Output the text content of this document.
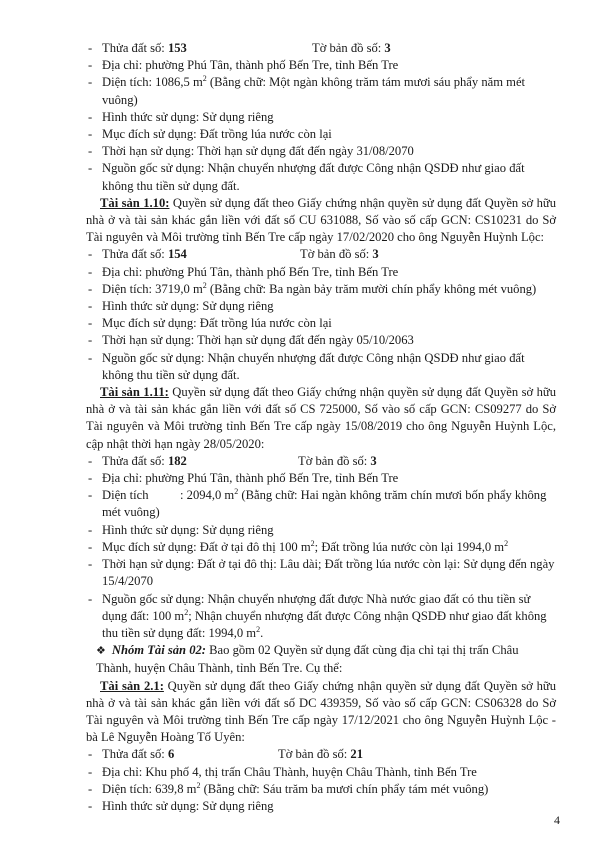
- Thửa đất số: 153	Tờ bản đồ số: 3
- Địa chỉ: phường Phú Tân, thành phố Bến Tre, tỉnh Bến Tre
- Diện tích: 1086,5 $m^2$ (Bằng chữ: Một ngàn không trăm tám mươi sáu phẩy năm mét vuông)
- Hình thức sử dụng: Sử dụng riêng
- Mục đích sử dụng: Đất trồng lúa nước còn lại
- Thời hạn sử dụng: Thời hạn sử dụng đất đến ngày 31/08/2070
- Nguồn gốc sử dụng: Nhận chuyển nhượng đất được Công nhận QSDĐ như giao đất không thu tiền sử dụng đất.
Tài sản 1.10: Quyền sử dụng đất theo Giấy chứng nhận quyền sử dụng đất Quyền sở hữu nhà ở và tài sản khác gắn liền với đất số CU 631088, Số vào số cấp GCN: CS10231 do Sở Tài nguyên và Môi trường tỉnh Bến Tre cấp ngày 17/02/2020 cho ông Nguyễn Huỳnh Lộc:
- Thửa đất số: 154	Tờ bản đồ số: 3
- Địa chỉ: phường Phú Tân, thành phố Bến Tre, tỉnh Bến Tre
- Diện tích: 3719,0 $m^2$ (Bằng chữ: Ba ngàn bảy trăm mười chín phẩy không mét vuông)
- Hình thức sử dụng: Sử dụng riêng
- Mục đích sử dụng: Đất trồng lúa nước còn lại
- Thời hạn sử dụng: Thời hạn sử dụng đất đến ngày 05/10/2063
- Nguồn gốc sử dụng: Nhận chuyển nhượng đất được Công nhận QSDĐ như giao đất không thu tiền sử dụng đất.
Tài sản 1.11: Quyền sử dụng đất theo Giấy chứng nhận quyền sử dụng đất Quyền sở hữu nhà ở và tài sản khác gắn liền với đất số CS 725000, Số vào số cấp GCN: CS09277 do Sở Tài nguyên và Môi trường tỉnh Bến Tre cấp ngày 15/08/2019 cho ông Nguyễn Huỳnh Lộc, cập nhật thời hạn ngày 28/05/2020:
- Thửa đất số: 182	Tờ bản đồ số: 3
- Địa chỉ: phường Phú Tân, thành phố Bến Tre, tỉnh Bến Tre
- Diện tích          : 2094,0 $m^2$ (Bằng chữ: Hai ngàn không trăm chín mươi bốn phẩy không mét vuông)
- Hình thức sử dụng: Sử dụng riêng
- Mục đích sử dụng: Đất ở tại đô thị 100 $m^2$; Đất trồng lúa nước còn lại 1994,0 $m^2$
- Thời hạn sử dụng: Đất ở tại đô thị: Lâu dài; Đất trồng lúa nước còn lại: Sử dụng đến ngày 15/4/2070
- Nguồn gốc sử dụng: Nhận chuyển nhượng đất được Nhà nước giao đất có thu tiền sử dụng đất: 100 $m^2$; Nhận chuyển nhượng đất được Công nhận QSDĐ như giao đất không thu tiền sử dụng đất: 1994,0 $m^2$.
❖ Nhóm Tài sản 02: Bao gồm 02 Quyền sử dụng đất cùng địa chỉ tại thị trấn Châu Thành, huyện Châu Thành, tỉnh Bến Tre. Cụ thể:
Tài sản 2.1: Quyền sử dụng đất theo Giấy chứng nhận quyền sử dụng đất Quyền sở hữu nhà ở và tài sản khác gắn liền với đất số DC 439359, Số vào số cấp GCN: CS06328 do Sở Tài nguyên và Môi trường tỉnh Bến Tre cấp ngày 17/12/2021 cho ông Nguyễn Huỳnh Lộc - bà Lê Nguyễn Hoàng Tố Uyên:
- Thửa đất số: 6	Tờ bản đồ số: 21
- Địa chỉ: Khu phố 4, thị trấn Châu Thành, huyện Châu Thành, tỉnh Bến Tre
- Diện tích: 639,8 $m^2$ (Bằng chữ: Sáu trăm ba mươi chín phẩy tám mét vuông)
- Hình thức sử dụng: Sử dụng riêng
4
